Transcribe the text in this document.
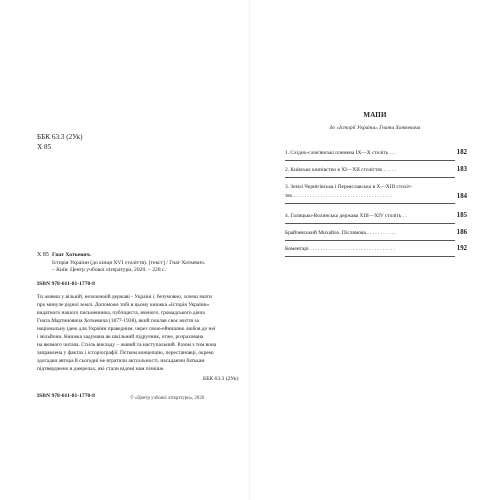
ББК 63.3 (2Ук)
Х 85
Х 85 Гнат Хоткевич.
Історія України (до кінця XVI століття). [текст] / Гнат Хоткевич.
– Київ: Центр учбової літератури, 2020. – 228 с.
ISBN 978-611-01-1770-8
Ти живеш у вільній, незалежній державі - Україні і, безумовно, хочеш знати
про минуле рідної землі. Допоможе тобі в цьому книжка «Історія України»
видатного нашого письменника, публіциста, вченого, громадського діяча
Гната Мартиновича Хоткевича (1877-1938), який поклав своє життя за
національну ідею для України праведним, через свою-ейнишню любов до неї
і мільйони. Книжка задумана як шкільний підручник, отже, розрахована
на якомого читача. Стиль викладу – живий та наступальний. Разом з тим вона
заправлена у фактах і історіографії. Пєтком концепцію, перестановці, окремі
здогадки автора й сьогодні не втратили актуальності, насадаючи батькам
підтверджено в джерелах, які стали відомі нам пізніше.
ББК 63.3 (2Ук)
ISBN 978-611-01-1770-8	© «Центр учбової літератури», 2020
МАПИ
до «Історії України» Гната Хоткевича
1. Східно-слов'янські племена IX—X століть . . .	182
2. Київське князівство в XI—XII століттях . . . . .	183
3. Землі Чернігівська і Переяславська в X—XIII століт-
тях . . . . . . . . . . . . . . . . . . . . . . . . . . . . . . . . . . . . .	184
4. Галицько-Волинська держава XIII—XIV століть . .	185
Брайчевський Михайло. Післямова . . . . . . . . . . .	186
Коментарі . . . . . . . . . . . . . . . . . . . . . . . . . . . . . . . .	192
